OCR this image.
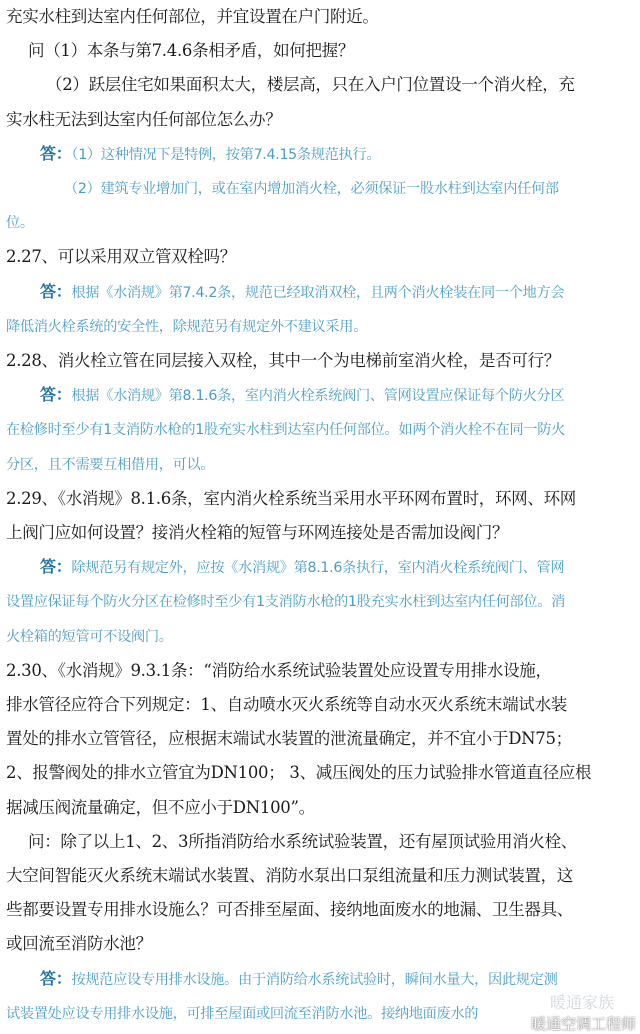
充实水柱到达室内任何部位，并宜设置在户门附近。
问（1）本条与第7.4.6条相矛盾，如何把握？
（2）跃层住宅如果面积太大，楼层高，只在入户门位置设一个消火栓，充
实水柱无法到达室内任何部位怎么办？
答：（1）这种情况下是特例，按第7.4.15条规范执行。
（2）建筑专业增加门，或在室内增加消火栓，必须保证一股水柱到达室内任何部
位。
2.27、可以采用双立管双栓吗？
答：根据《水消规》第7.4.2条，规范已经取消双栓，且两个消火栓装在同一个地方会
降低消火栓系统的安全性，除规范另有规定外不建议采用。
2.28、消火栓立管在同层接入双栓，其中一个为电梯前室消火栓，是否可行？
答：根据《水消规》第8.1.6条，室内消火栓系统阀门、管网设置应保证每个防火分区
在检修时至少有1支消防水枪的1股充实水柱到达室内任何部位。如两个消火栓不在同一防火
分区，且不需要互相借用，可以。
2.29、《水消规》8.1.6条，室内消火栓系统当采用水平环网布置时，环网、环网
上阀门应如何设置？接消火栓箱的短管与环网连接处是否需加设阀门？
答：除规范另有规定外，应按《水消规》第8.1.6条执行，室内消火栓系统阀门、管网
设置应保证每个防火分区在检修时至少有1支消防水枪的1股充实水柱到达室内任何部位。消
火栓箱的短管可不设阀门。
2.30、《水消规》9.3.1条：“消防给水系统试验装置处应设置专用排水设施，
排水管径应符合下列规定：1、自动喷水灭火系统等自动水灭火系统末端试水装
置处的排水立管管径，应根据末端试水装置的泄流量确定，并不宜小于DN75；
2、报警阀处的排水立管宜为DN100； 3、减压阀处的压力试验排水管道直径应根
据减压阀流量确定，但不应小于DN100”。
问：除了以上1、2、3所指消防给水系统试验装置，还有屋顶试验用消火栓、
大空间智能灭火系统末端试水装置、消防水泵出口泵组流量和压力测试装置，这
些都要设置专用排水设施么？可否排至屋面、接纳地面废水的地漏、卫生器具、
或回流至消防水池？
答：按规范应设专用排水设施。由于消防给水系统试验时，瞬间水量大，因此规定测
试装置处应设专用排水设施，可排至屋面或回流至消防水池。接纳地面废水的
暖通家族
暖通空调工程师
